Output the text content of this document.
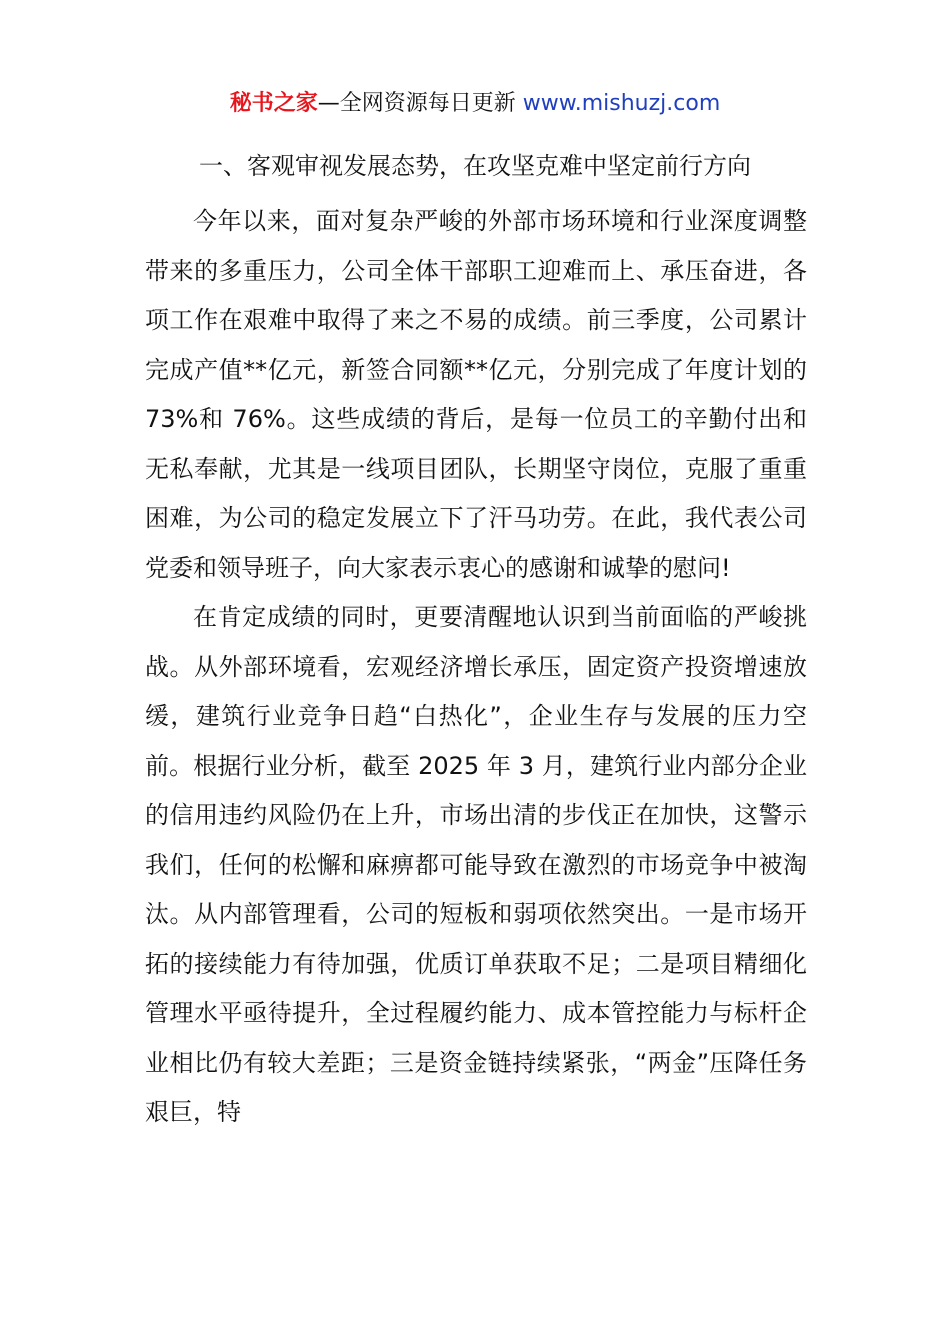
秘书之家—全网资源每日更新 www.mishuzj.com
一、客观审视发展态势，在攻坚克难中坚定前行方向

今年以来，面对复杂严峻的外部市场环境和行业深度调整带来的多重压力，公司全体干部职工迎难而上、承压奋进，各项工作在艰难中取得了来之不易的成绩。前三季度，公司累计完成产值**亿元，新签合同额**亿元，分别完成了年度计划的 73%和 76%。这些成绩的背后，是每一位员工的辛勤付出和无私奉献，尤其是一线项目团队，长期坚守岗位，克服了重重困难，为公司的稳定发展立下了汗马功劳。在此，我代表公司党委和领导班子，向大家表示衷心的感谢和诚挚的慰问!

在肯定成绩的同时，更要清醒地认识到当前面临的严峻挑战。从外部环境看，宏观经济增长承压，固定资产投资增速放缓，建筑行业竞争日趋“白热化”，企业生存与发展的压力空前。根据行业分析，截至 2025 年 3 月，建筑行业内部分企业的信用违约风险仍在上升，市场出清的步伐正在加快，这警示我们，任何的松懈和麻痹都可能导致在激烈的市场竞争中被淘汰。从内部管理看，公司的短板和弱项依然突出。一是市场开拓的接续能力有待加强，优质订单获取不足；二是项目精细化管理水平亟待提升，全过程履约能力、成本管控能力与标杆企业相比仍有较大差距；三是资金链持续紧张，“两金”压降任务艰巨，特
